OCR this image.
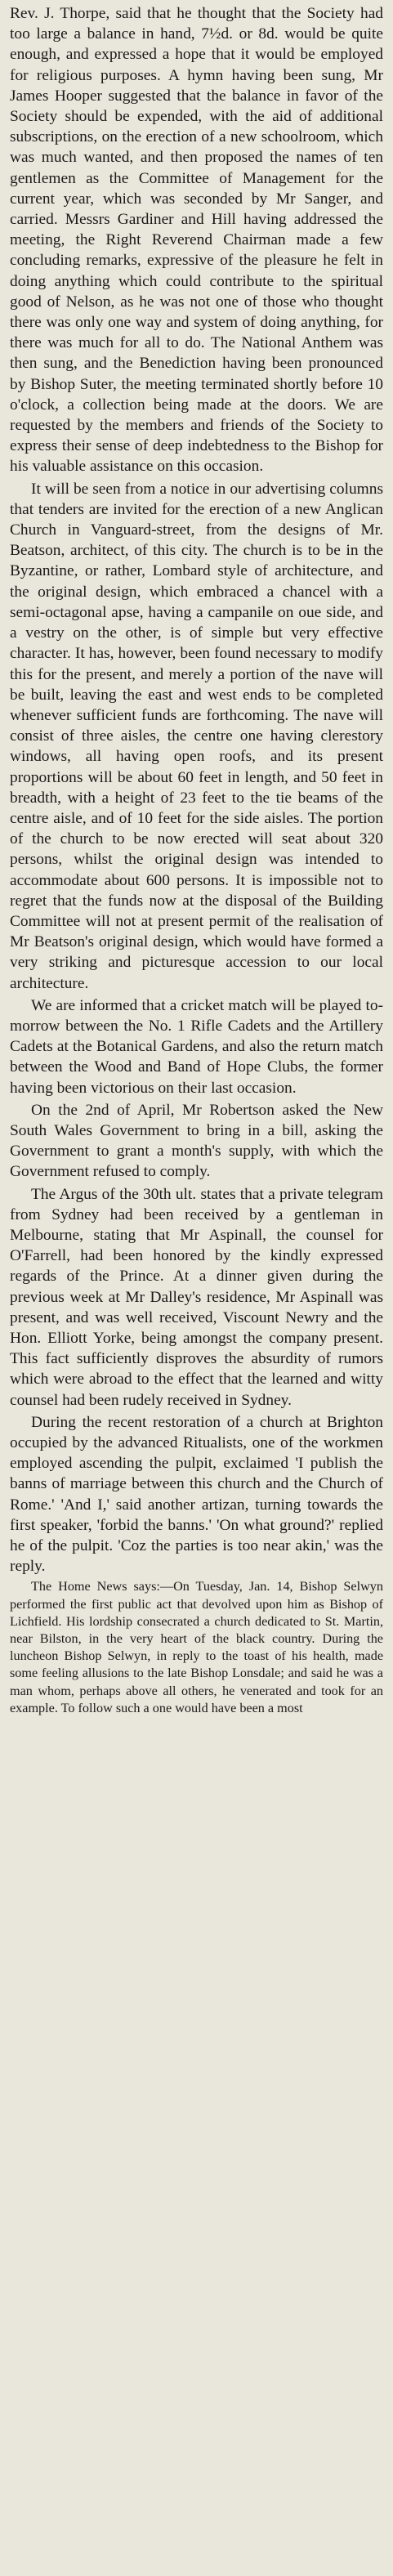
Rev. J. Thorpe, said that he thought that the Society had too large a balance in hand, 7½d. or 8d. would be quite enough, and expressed a hope that it would be employed for religious purposes. A hymn having been sung, Mr James Hooper suggested that the balance in favor of the Society should be expended, with the aid of additional subscriptions, on the erection of a new schoolroom, which was much wanted, and then proposed the names of ten gentlemen as the Committee of Management for the current year, which was seconded by Mr Sanger, and carried. Messrs Gardiner and Hill having addressed the meeting, the Right Reverend Chairman made a few concluding remarks, expressive of the pleasure he felt in doing anything which could contribute to the spiritual good of Nelson, as he was not one of those who thought there was only one way and system of doing anything, for there was much for all to do. The National Anthem was then sung, and the Benediction having been pronounced by Bishop Suter, the meeting terminated shortly before 10 o'clock, a collection being made at the doors. We are requested by the members and friends of the Society to express their sense of deep indebtedness to the Bishop for his valuable assistance on this occasion.

It will be seen from a notice in our advertising columns that tenders are invited for the erection of a new Anglican Church in Vanguard-street, from the designs of Mr. Beatson, architect, of this city. The church is to be in the Byzantine, or rather, Lombard style of architecture, and the original design, which embraced a chancel with a semi-octagonal apse, having a campanile on oue side, and a vestry on the other, is of simple but very effective character. It has, however, been found necessary to modify this for the present, and merely a portion of the nave will be built, leaving the east and west ends to be completed whenever sufficient funds are forthcoming. The nave will consist of three aisles, the centre one having clerestory windows, all having open roofs, and its present proportions will be about 60 feet in length, and 50 feet in breadth, with a height of 23 feet to the tie beams of the centre aisle, and of 10 feet for the side aisles. The portion of the church to be now erected will seat about 320 persons, whilst the original design was intended to accommodate about 600 persons. It is impossible not to regret that the funds now at the disposal of the Building Committee will not at present permit of the realisation of Mr Beatson's original design, which would have formed a very striking and picturesque accession to our local architecture.

We are informed that a cricket match will be played to-morrow between the No. 1 Rifle Cadets and the Artillery Cadets at the Botanical Gardens, and also the return match between the Wood and Band of Hope Clubs, the former having been victorious on their last occasion.

On the 2nd of April, Mr Robertson asked the New South Wales Government to bring in a bill, asking the Government to grant a month's supply, with which the Government refused to comply.

The Argus of the 30th ult. states that a private telegram from Sydney had been received by a gentleman in Melbourne, stating that Mr Aspinall, the counsel for O'Farrell, had been honored by the kindly expressed regards of the Prince. At a dinner given during the previous week at Mr Dalley's residence, Mr Aspinall was present, and was well received, Viscount Newry and the Hon. Elliott Yorke, being amongst the company present. This fact sufficiently disproves the absurdity of rumors which were abroad to the effect that the learned and witty counsel had been rudely received in Sydney.

During the recent restoration of a church at Brighton occupied by the advanced Ritualists, one of the workmen employed ascending the pulpit, exclaimed 'I publish the banns of marriage between this church and the Church of Rome.' 'And I,' said another artizan, turning towards the first speaker, 'forbid the banns.' 'On what ground?' replied he of the pulpit. 'Coz the parties is too near akin,' was the reply.

The Home News says:—On Tuesday, Jan. 14, Bishop Selwyn performed the first public act that devolved upon him as Bishop of Lichfield. His lordship consecrated a church dedicated to St. Martin, near Bilston, in the very heart of the black country. During the luncheon Bishop Selwyn, in reply to the toast of his health, made some feeling allusions to the late Bishop Lonsdale; and said he was a man whom, perhaps above all others, he venerated and took for an example. To follow such a one would have been a most
